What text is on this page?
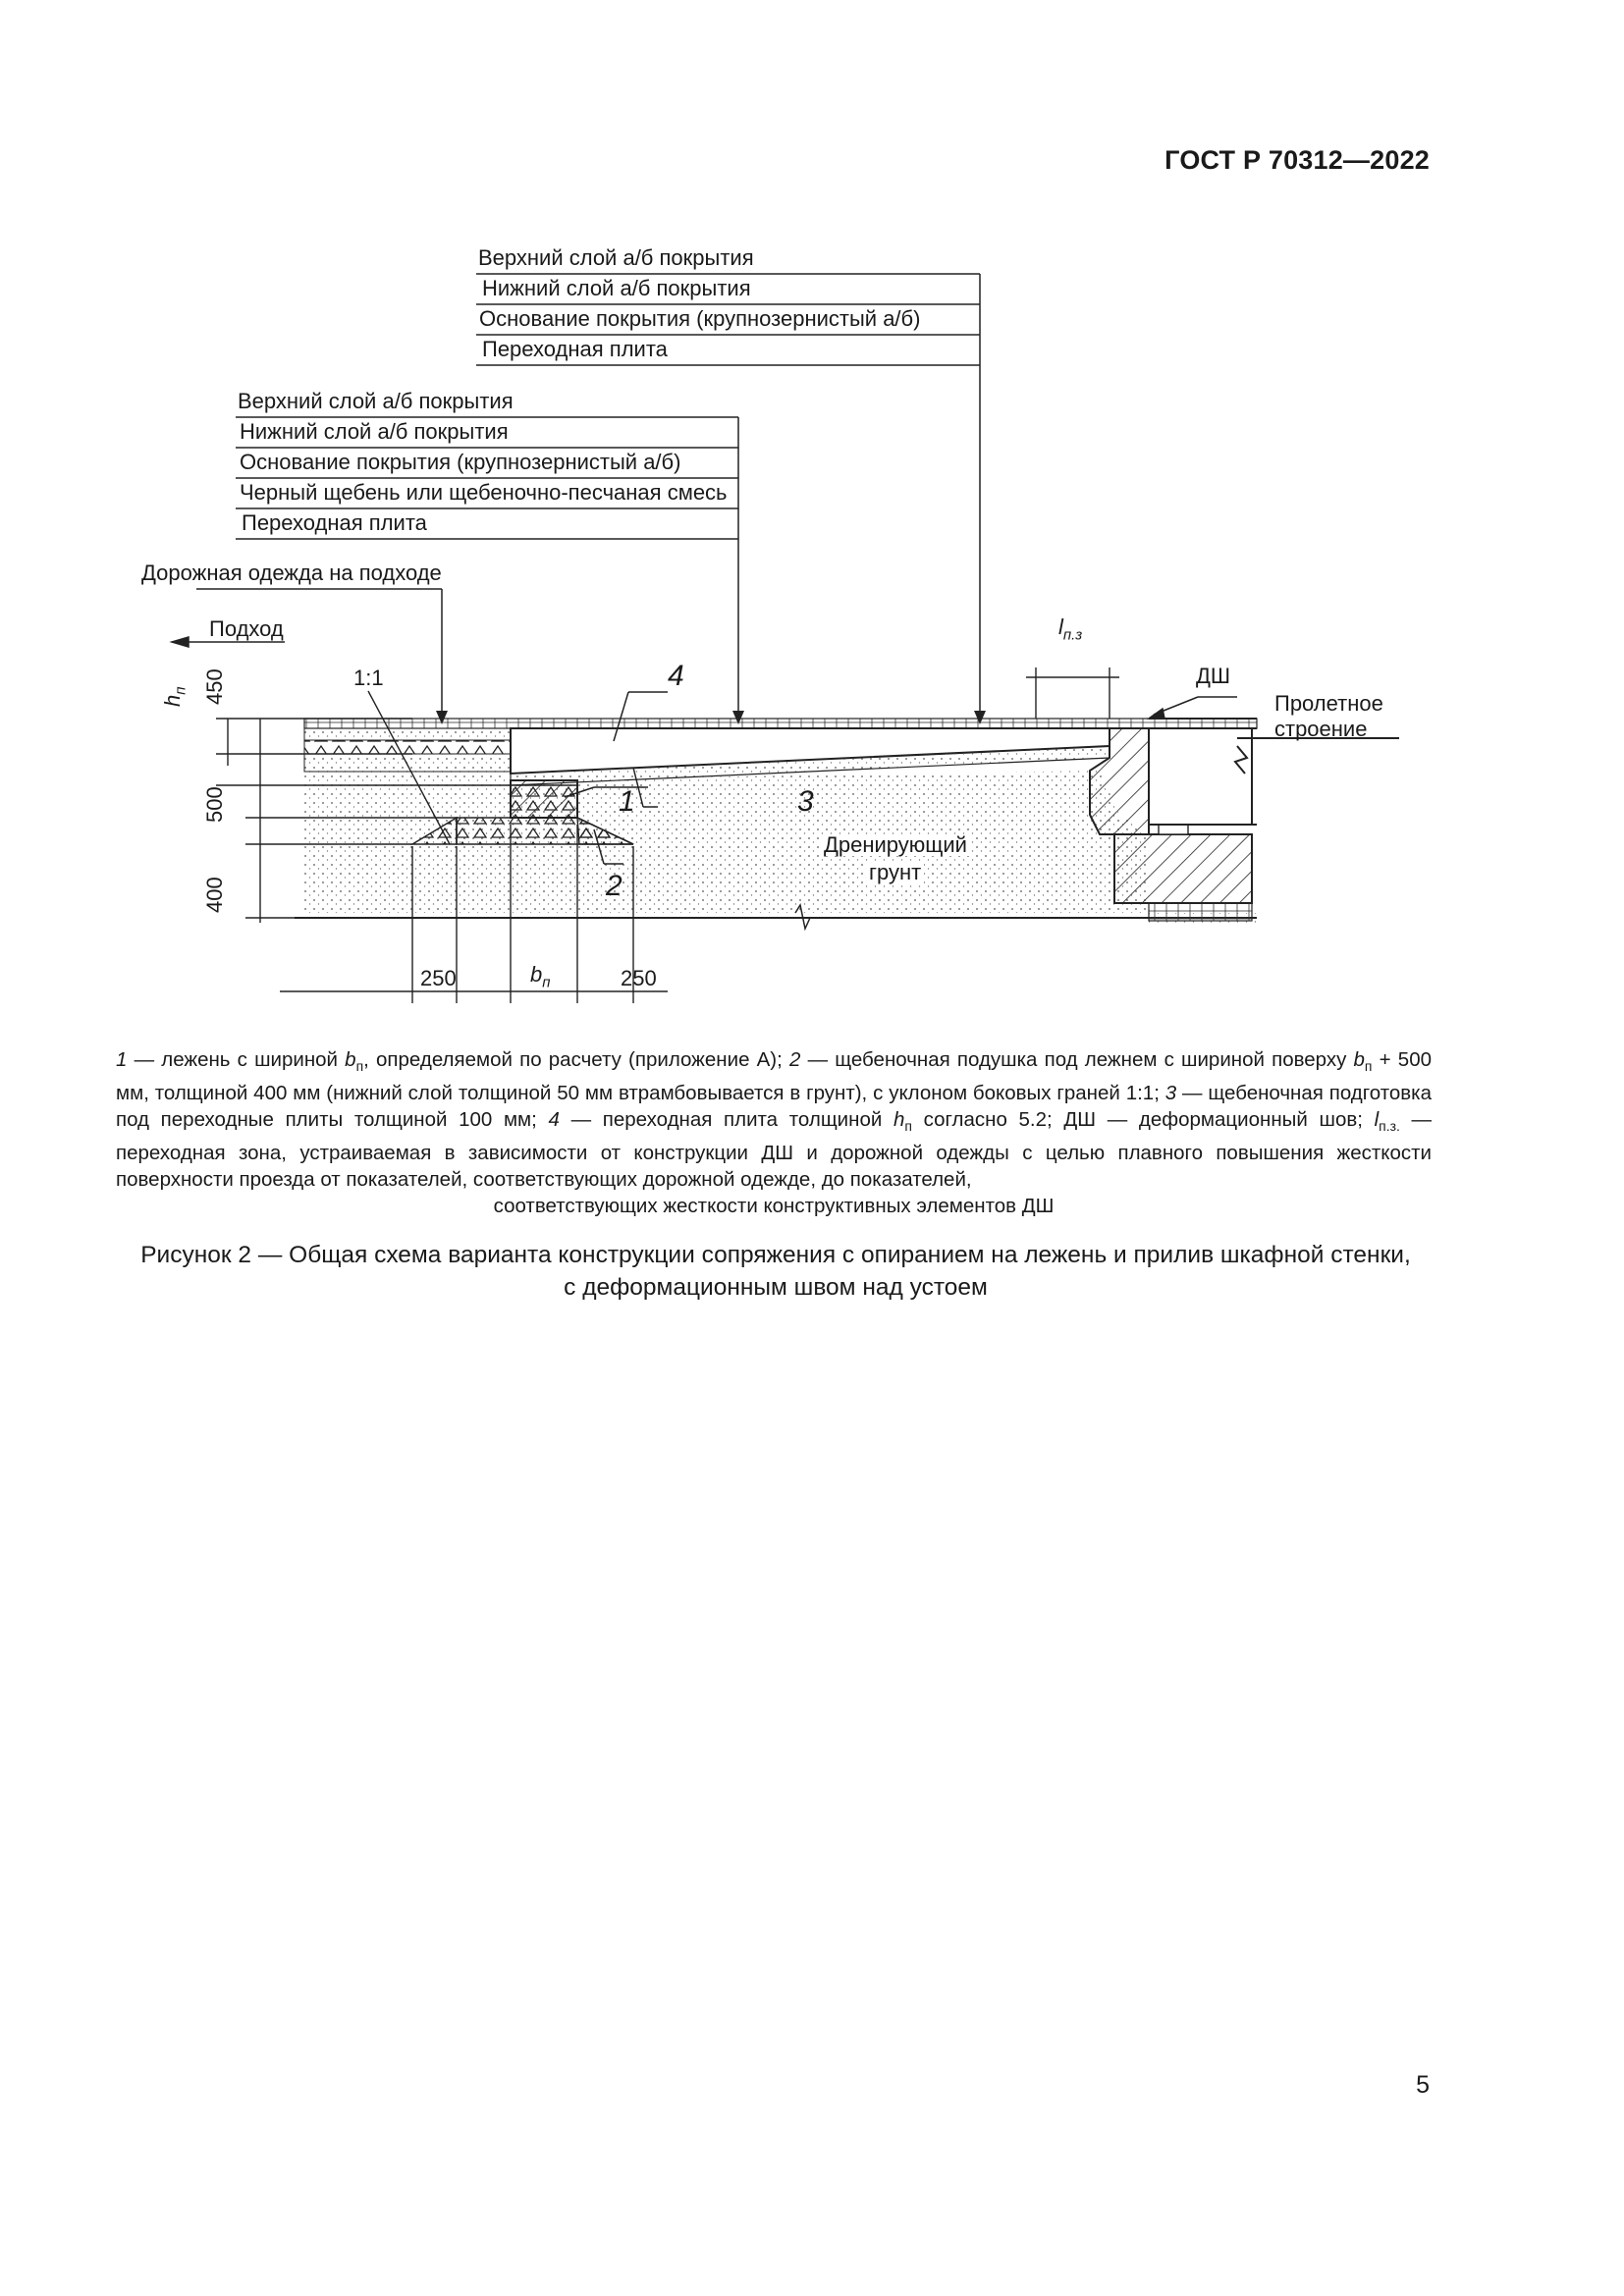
ГОСТ Р 70312—2022
Верхний слой а/б покрытия
Нижний слой а/б покрытия
Основание покрытия (крупнозернистый а/б)
Переходная плита
Верхний слой а/б покрытия
Нижний слой а/б покрытия
Основание покрытия (крупнозернистый а/б)
Черный щебень или щебеночно-песчаная смесь
Переходная плита
Дорожная одежда на подходе
Подход
1:1
$h_п$ 450
500
400
$l_{п.з}$
ДШ
Пролетное
строение
Дренирующий
грунт
4
1	3
2
250	$b_п$	250
1 — лежень с шириной $b_п$, определяемой по расчету (приложение А); 2 — щебеночная подушка под лежнем с шириной поверху $b_п + 500$ мм, толщиной 400 мм (нижний слой толщиной 50 мм втрамбовывается в грунт), с уклоном боковых граней 1:1; 3 — щебеночная подготовка под переходные плиты толщиной 100 мм; 4 — переходная плита толщиной $h_п$ согласно 5.2; ДШ — деформационный шов; $l_{п.з.}$ — переходная зона, устраиваемая в зависимости от конструкции ДШ и дорожной одежды с целью плавного повышения жесткости поверхности проезда от показателей, соответствующих дорожной одежде, до показателей,
соответствующих жесткости конструктивных элементов ДШ
Рисунок 2 — Общая схема варианта конструкции сопряжения с опиранием на лежень и прилив шкафной стенки,
с деформационным швом над устоем
5
